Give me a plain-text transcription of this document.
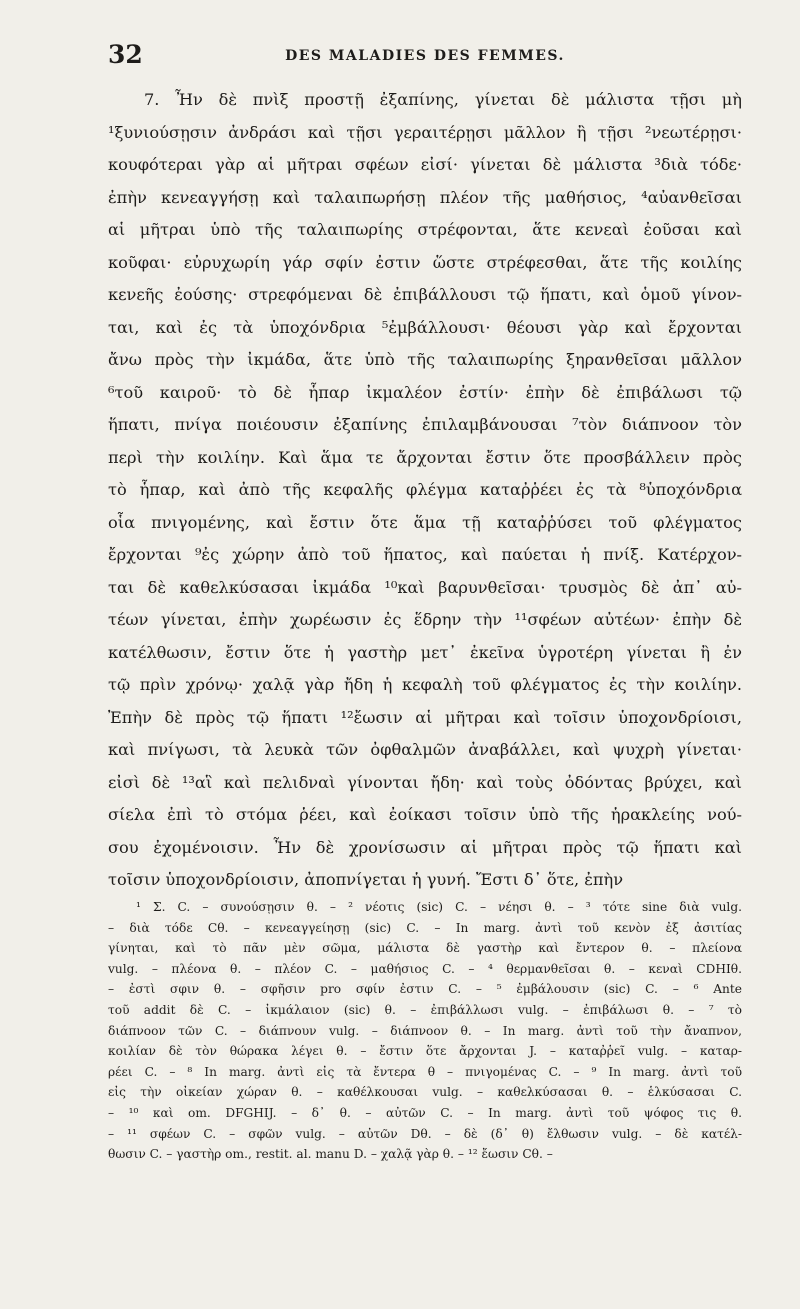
32	DES MALADIES DES FEMMES.
7. Ἦν δὲ πνὶξ προστῇ ἐξαπίνης, γίνεται δὲ μάλιστα τῇσι μὴ
¹ξυνιούσῃσιν ἀνδράσι καὶ τῇσι γεραιτέρῃσι μᾶλλον ἢ τῇσι ²νεωτέρῃσι·
κουφότεραι γὰρ αἱ μῆτραι σφέων εἰσί· γίνεται δὲ μάλιστα ³διὰ τόδε·
ἐπὴν κενεαγγήσῃ καὶ ταλαιπωρήσῃ πλέον τῆς μαθήσιος, ⁴αὐανθεῖσαι
αἱ μῆτραι ὑπὸ τῆς ταλαιπωρίης στρέφονται, ἅτε κενεαὶ ἐοῦσαι καὶ
κοῦφαι· εὐρυχωρίη γάρ σφίν ἐστιν ὥστε στρέφεσθαι, ἅτε τῆς κοιλίης
κενεῆς ἐούσης· στρεφόμεναι δὲ ἐπιβάλλουσι τῷ ἥπατι, καὶ ὁμοῦ γίνον-
ται, καὶ ἐς τὰ ὑποχόνδρια ⁵ἐμβάλλουσι· θέουσι γὰρ καὶ ἔρχονται
ἄνω πρὸς τὴν ἰκμάδα, ἅτε ὑπὸ τῆς ταλαιπωρίης ξηρανθεῖσαι μᾶλλον
⁶τοῦ καιροῦ· τὸ δὲ ἧπαρ ἰκμαλέον ἐστίν· ἐπὴν δὲ ἐπιβάλωσι τῷ
ἥπατι, πνίγα ποιέουσιν ἐξαπίνης ἐπιλαμβάνουσαι ⁷τὸν διάπνοον τὸν
περὶ τὴν κοιλίην. Καὶ ἅμα τε ἄρχονται ἔστιν ὅτε προσβάλλειν πρὸς
τὸ ἧπαρ, καὶ ἀπὸ τῆς κεφαλῆς φλέγμα καταῤῥέει ἐς τὰ ⁸ὑποχόνδρια
οἷα πνιγομένης, καὶ ἔστιν ὅτε ἅμα τῇ καταῤῥύσει τοῦ φλέγματος
ἔρχονται ⁹ἐς χώρην ἀπὸ τοῦ ἥπατος, καὶ παύεται ἡ πνίξ. Κατέρχον-
ται δὲ καθελκύσασαι ἰκμάδα ¹⁰καὶ βαρυνθεῖσαι· τρυσμὸς δὲ ἀπ᾽ αὐ-
τέων γίνεται, ἐπὴν χωρέωσιν ἐς ἕδρην τὴν ¹¹σφέων αὐτέων· ἐπὴν δὲ
κατέλθωσιν, ἔστιν ὅτε ἡ γαστὴρ μετ᾽ ἐκεῖνα ὑγροτέρη γίνεται ἢ ἐν
τῷ πρὶν χρόνῳ· χαλᾷ γὰρ ἤδη ἡ κεφαλὴ τοῦ φλέγματος ἐς τὴν κοιλίην.
Ἐπὴν δὲ πρὸς τῷ ἥπατι ¹²ἔωσιν αἱ μῆτραι καὶ τοῖσιν ὑποχονδρίοισι,
καὶ πνίγωσι, τὰ λευκὰ τῶν ὀφθαλμῶν ἀναβάλλει, καὶ ψυχρὴ γίνεται·
εἰσὶ δὲ ¹³αἳ καὶ πελιδναὶ γίνονται ἤδη· καὶ τοὺς ὀδόντας βρύχει, καὶ
σίελα ἐπὶ τὸ στόμα ῥέει, καὶ ἐοίκασι τοῖσιν ὑπὸ τῆς ἡρακλείης νού-
σου ἐχομένοισιν. Ἦν δὲ χρονίσωσιν αἱ μῆτραι πρὸς τῷ ἥπατι καὶ
τοῖσιν ὑποχονδρίοισιν, ἀποπνίγεται ἡ γυνή. Ἔστι δ᾽ ὅτε, ἐπὴν
¹ Σ. C. – συνούσῃσιν θ. – ² νέοτις (sic) C. – νέησι θ. – ³ τότε sine διὰ vulg.
– διὰ τόδε Cθ. – κενεαγγείησῃ (sic) C. – In marg. ἀντὶ τοῦ κενὸν ἐξ ἀσιτίας
γίνηται, καὶ τὸ πᾶν μὲν σῶμα, μάλιστα δὲ γαστὴρ καὶ ἔντερον θ. – πλείονα
vulg. – πλέονα θ. – πλέον C. – μαθήσιος C. – ⁴ θερμανθεῖσαι θ. – κεναὶ CDHIθ.
– ἐστὶ σφιν θ. – σφῆσιν pro σφίν ἐστιν C. – ⁵ ἐμβάλουσιν (sic) C. – ⁶ Ante
τοῦ addit δὲ C. – ἰκμάλαιον (sic) θ. – ἐπιβάλλωσι vulg. – ἐπιβάλωσι θ. – ⁷ τὸ
διάπνοον τῶν C. – διάπνουν vulg. – διάπνοον θ. – In marg. ἀντὶ τοῦ τὴν ἄναπνον,
κοιλίαν δὲ τὸν θώρακα λέγει θ. – ἔστιν ὅτε ἄρχονται J. – καταῤῥεῖ vulg. – καταρ-
ρέει C. – ⁸ In marg. ἀντὶ εἰς τὰ ἔντερα θ – πνιγομένας C. – ⁹ In marg. ἀντὶ τοῦ
εἰς τὴν οἰκείαν χώραν θ. – καθέλκουσαι vulg. – καθελκύσασαι θ. – ἑλκύσασαι C.
– ¹⁰ καὶ om. DFGHIJ. – δ᾽ θ. – αὐτῶν C. – In marg. ἀντὶ τοῦ ψόφος τις θ.
– ¹¹ σφέων C. – σφῶν vulg. – αὐτῶν Dθ. – δὲ (δ᾽ θ) ἔλθωσιν vulg. – δὲ κατέλ-
θωσιν C. – γαστὴρ om., restit. al. manu D. – χαλᾷ γὰρ θ. – ¹² ἔωσιν Cθ. –
